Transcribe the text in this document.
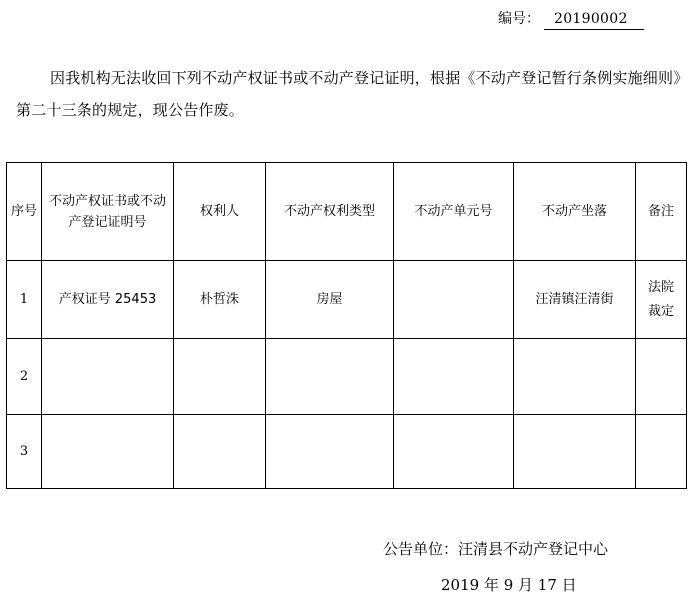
编号： 20190002

因我机构无法收回下列不动产权证书或不动产登记证明，根据《不动产登记暂行条例实施细则》第二十三条的规定，现公告作废。

序号	不动产权证书或不动产登记证明号	权利人	不动产权利类型	不动产单元号	不动产坐落	备注
1	产权证号 25453	朴哲洙	房屋		汪清镇汪清街	法院裁定

2						
3						
公告单位：汪清县不动产登记中心
2019 年 9 月 17 日
